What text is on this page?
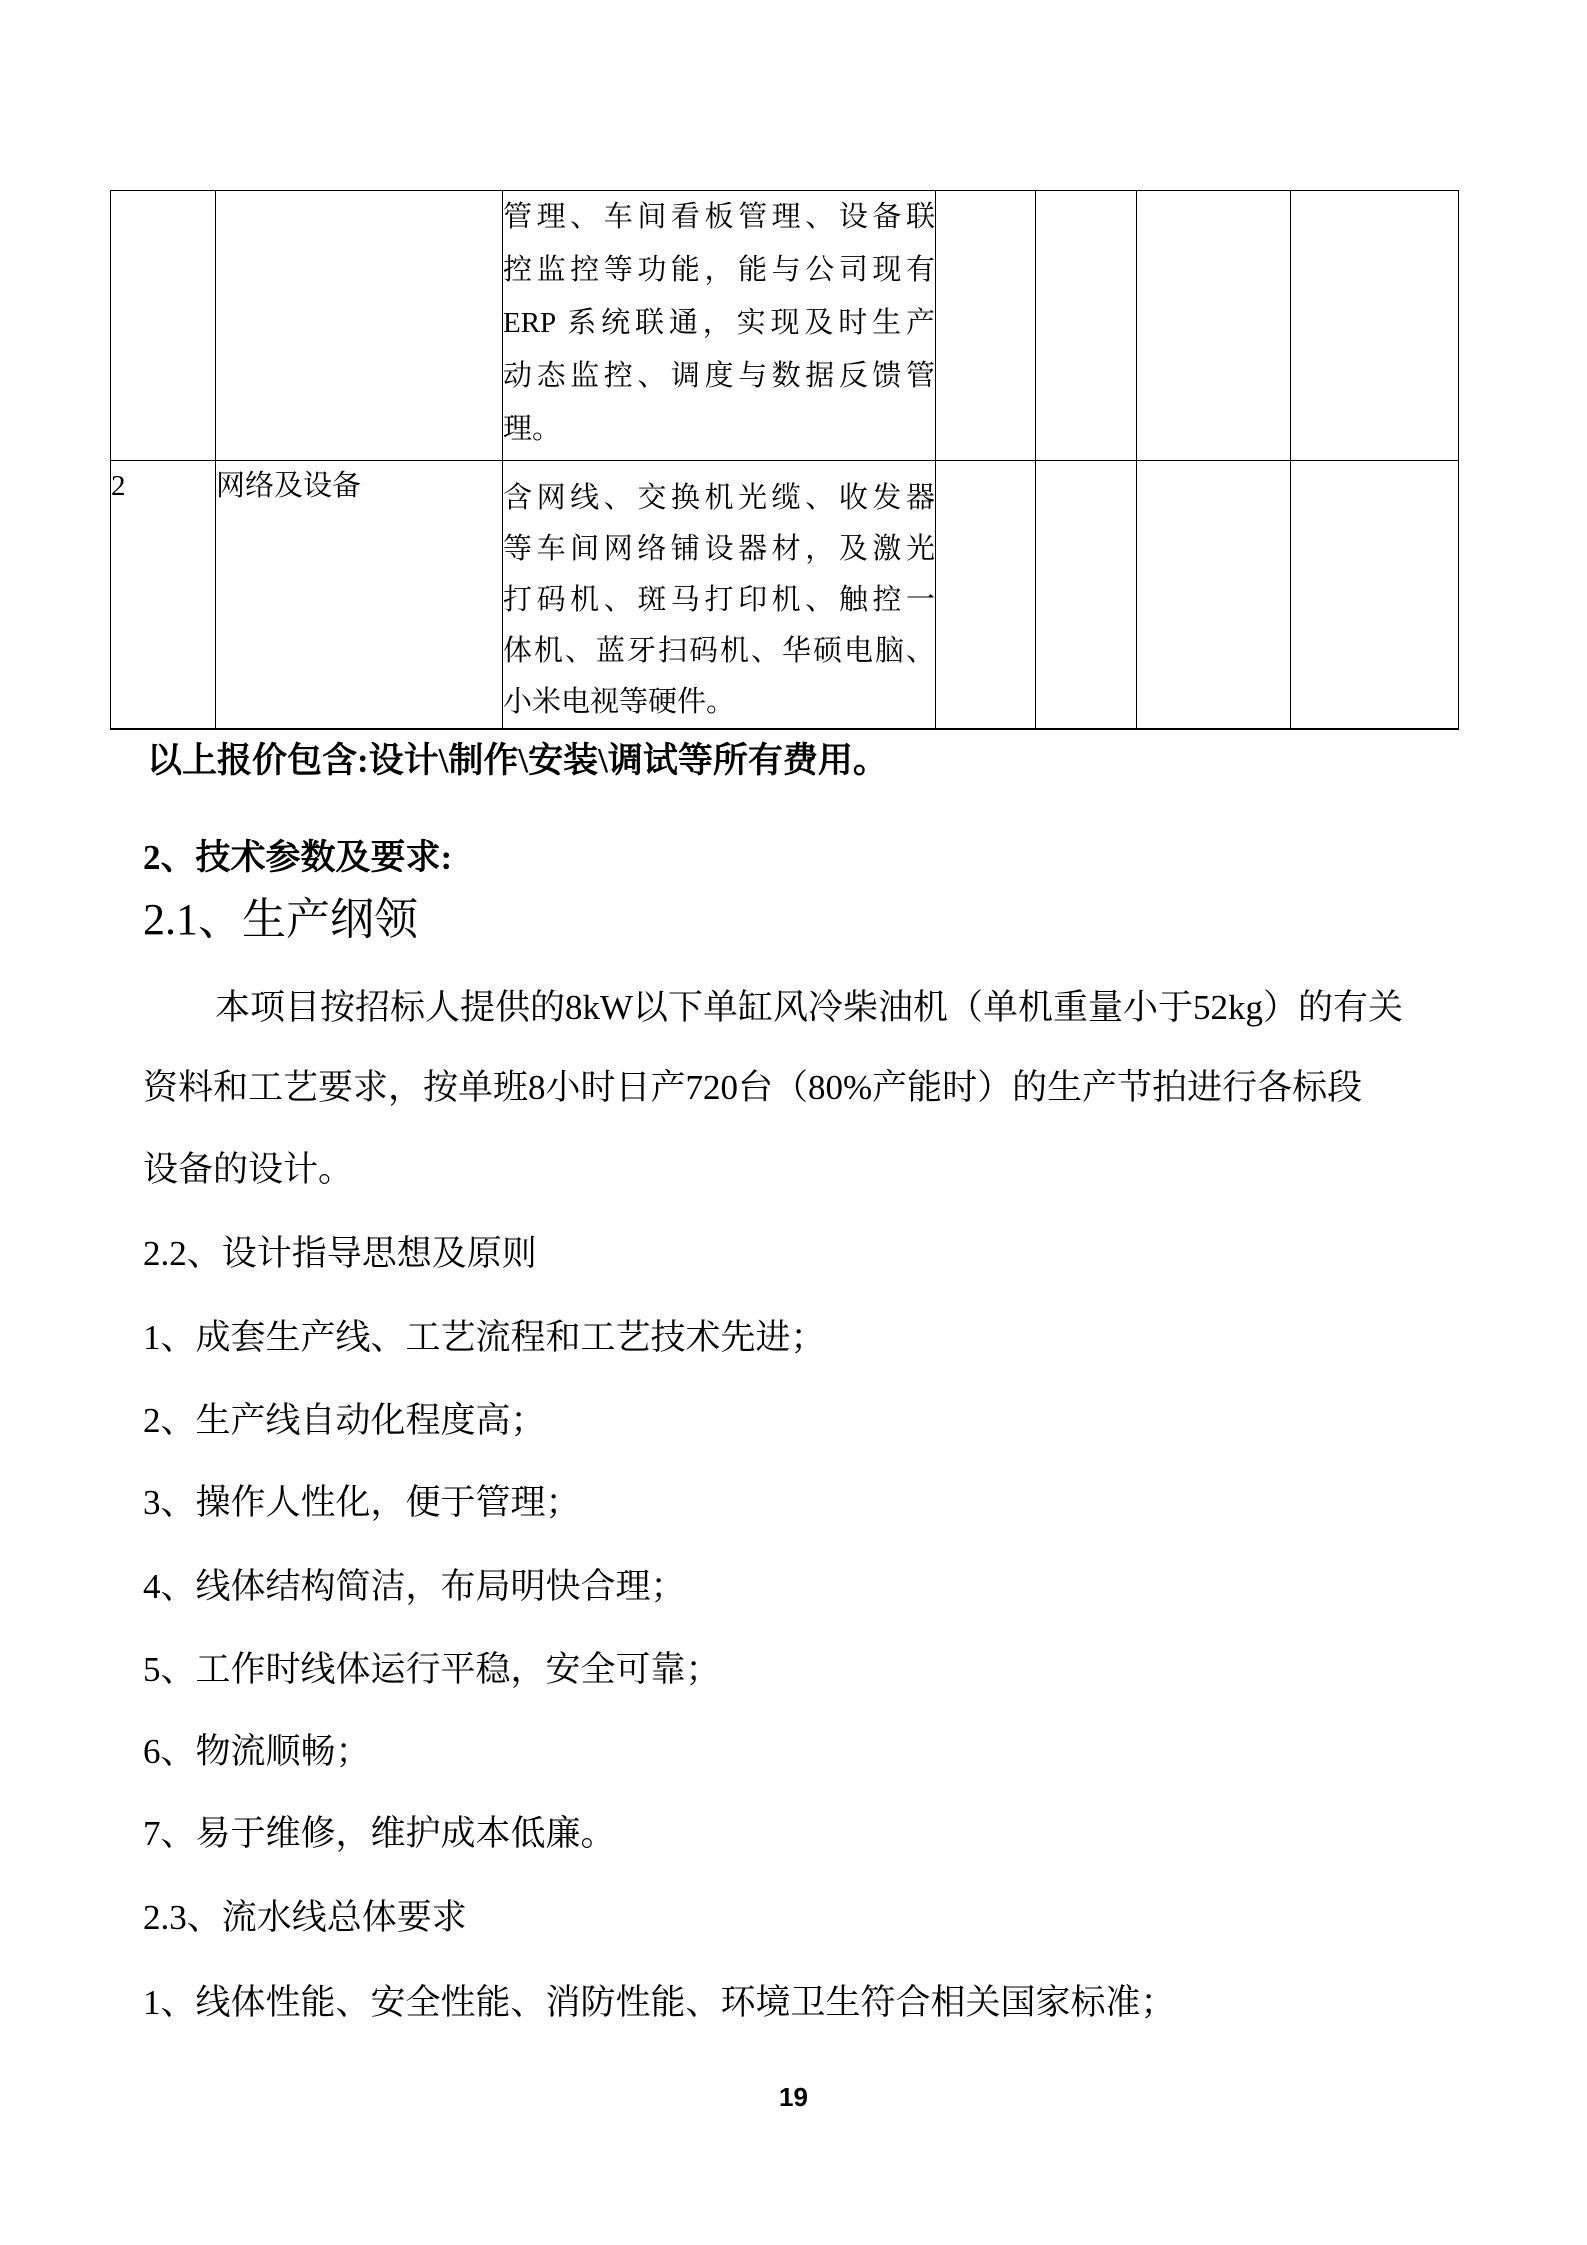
		管理、车间看板管理、设备联
控监控等功能，能与公司现有
ERP 系统联通，实现及时生产
动态监控、调度与数据反馈管
理。				

2	网络及设备	含网线、交换机光缆、收发器
等车间网络铺设器材，及激光
打码机、斑马打印机、触控一
体机、蓝牙扫码机、华硕电脑、
小米电视等硬件。				

以上报价包含:设计\制作\安装\调试等所有费用。
2、技术参数及要求:
2.1、生产纲领
本项目按招标人提供的8kW以下单缸风冷柴油机（单机重量小于52kg）的有关
资料和工艺要求，按单班8小时日产720台（80%产能时）的生产节拍进行各标段
设备的设计。
2.2、设计指导思想及原则
1、成套生产线、工艺流程和工艺技术先进；
2、生产线自动化程度高；
3、操作人性化，便于管理；
4、线体结构简洁，布局明快合理；
5、工作时线体运行平稳，安全可靠；
6、物流顺畅；
7、易于维修，维护成本低廉。
2.3、流水线总体要求
1、线体性能、安全性能、消防性能、环境卫生符合相关国家标准；
19
